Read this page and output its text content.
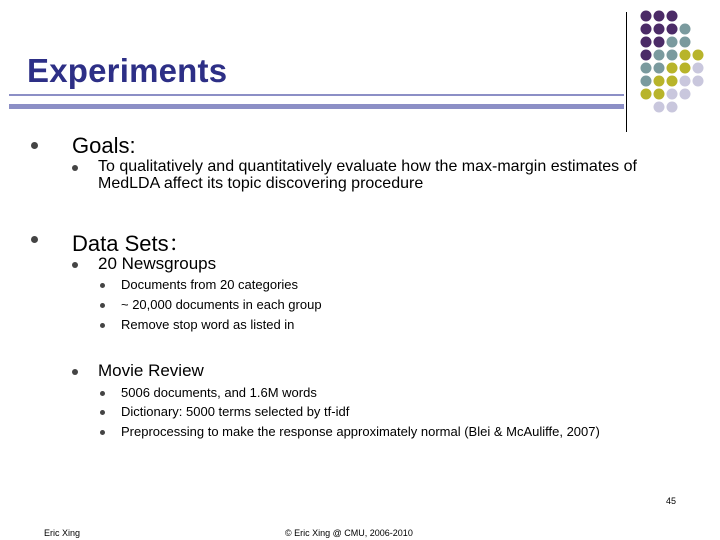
Experiments
Goals:
To qualitatively and quantitatively evaluate how the max-margin estimates of MedLDA affect its topic discovering procedure
Data Sets：
20 Newsgroups
Documents from 20 categories
~ 20,000 documents in each group
Remove stop word as listed in
Movie Review
5006 documents, and 1.6M words
Dictionary: 5000 terms selected by tf-idf
Preprocessing to make the response approximately normal (Blei & McAuliffe, 2007)
45
Eric Xing	© Eric Xing @ CMU, 2006-2010
